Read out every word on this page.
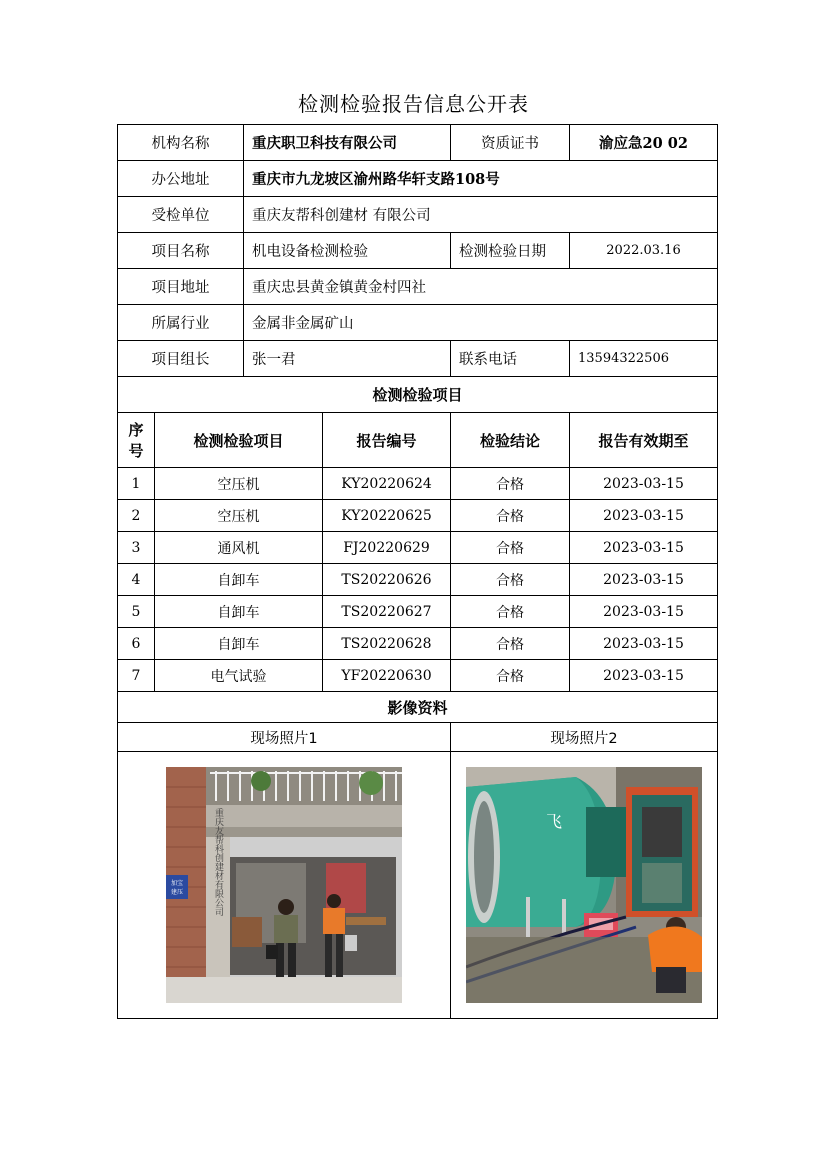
检测检验报告信息公开表
机构名称		重庆职卫科技有限公司		资质证书	渝应急20 02
办公地址		重庆市九龙坡区渝州路华轩支路108号			
受检单位		重庆友帮科创建材 有限公司			
项目名称		机电设备检测检验		检测检验日期	2022.03.16
项目地址		重庆忠县黄金镇黄金村四社			
所属行业		金属非金属矿山			
项目组长		张一君		联系电话	13594322506
检测检验项目					

序
号	检测检验项目		报告编号	检验结论	报告有效期至
1	空压机		KY20220624	合格	2023-03-15
2	空压机		KY20220625	合格	2023-03-15
3	通风机		FJ20220629	合格	2023-03-15
4	自卸车		TS20220626	合格	2023-03-15
5	自卸车		TS20220627	合格	2023-03-15
6	自卸车		TS20220628	合格	2023-03-15
7	电气试验		YF20220630	合格	2023-03-15
影像资料					
现场照片1				现场照片2	

加宝
建压 重庆友帮科创建材有限公司				飞	
